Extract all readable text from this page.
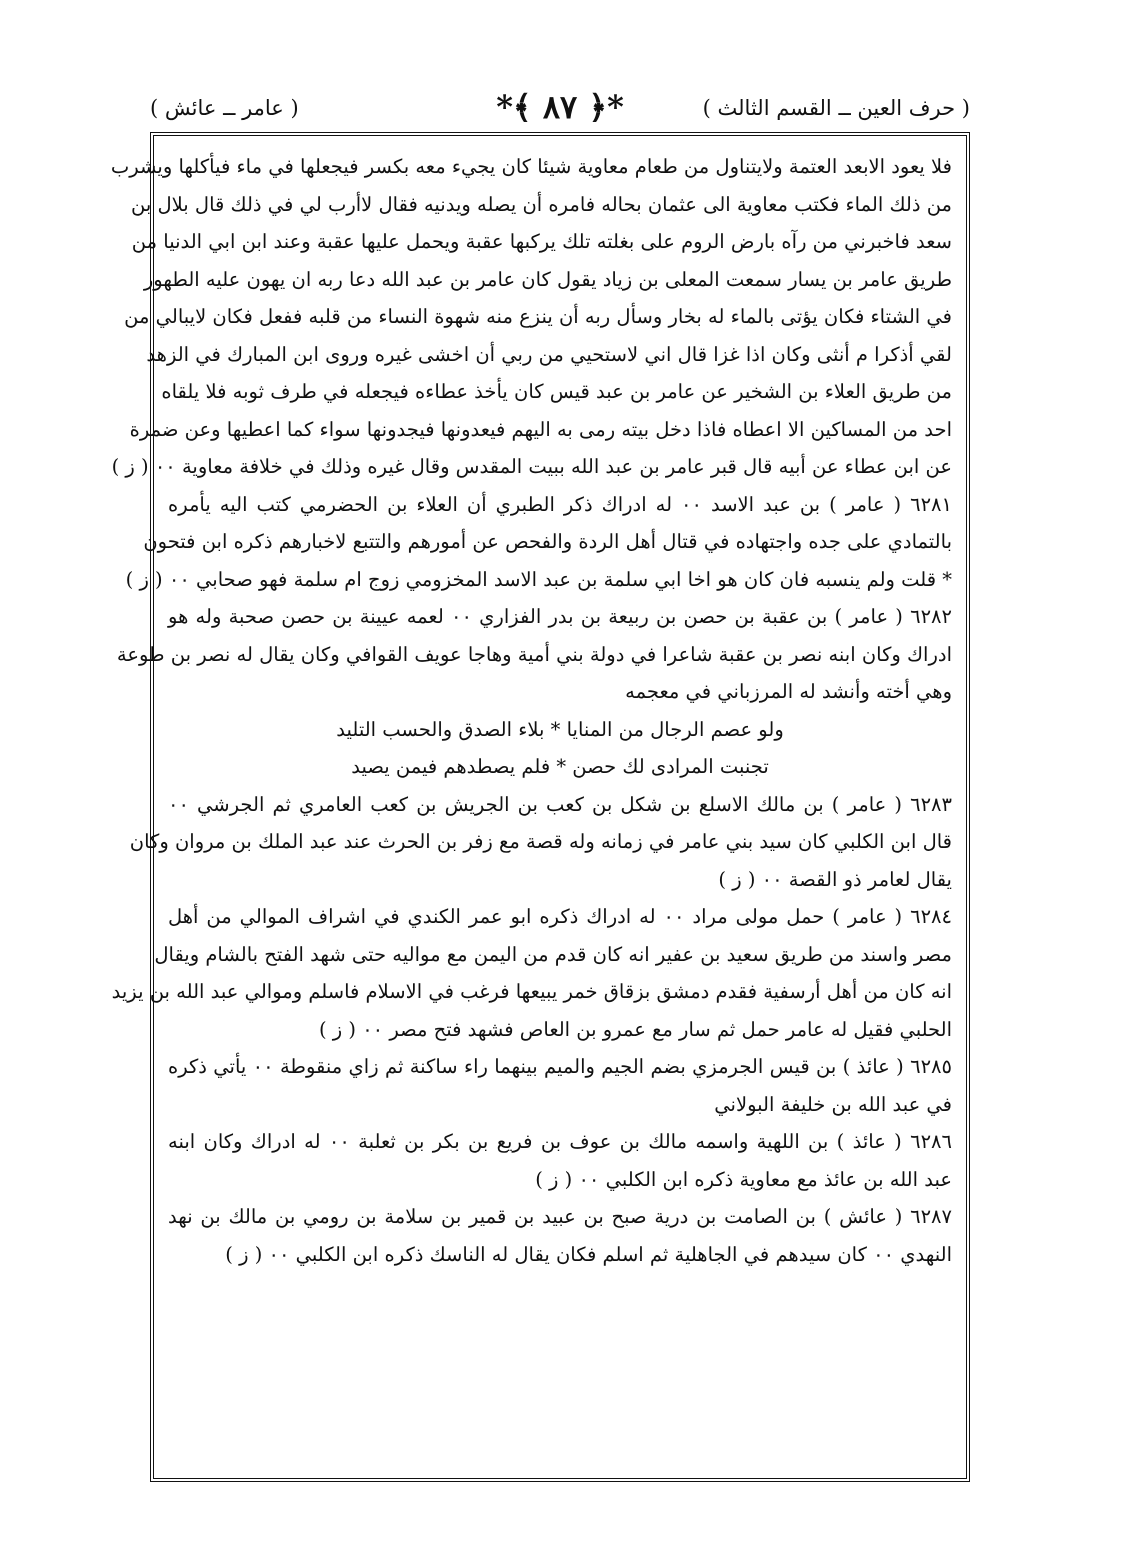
( حرف العين ــ القسم الثالث )
*﴿ ٨٧ ﴾*
( عامر ــ عائش )
فلا يعود الابعد العتمة ولايتناول من طعام معاوية شيئا كان يجيء معه بكسر فيجعلها في ماء فيأكلها ويشرب
من ذلك الماء فكتب معاوية الى عثمان بحاله فامره أن يصله ويدنيه فقال لاأرب لي في ذلك قال بلال بن
سعد فاخبرني من رآه بارض الروم على بغلته تلك يركبها عقبة ويحمل عليها عقبة وعند ابن ابي الدنيا من
طريق عامر بن يسار سمعت المعلى بن زياد يقول كان عامر بن عبد الله دعا ربه ان يهون عليه الطهور
في الشتاء فكان يؤتى بالماء له بخار وسأل ربه أن ينزع منه شهوة النساء من قلبه ففعل فكان لايبالي من
لقي أذكرا م أنثى وكان اذا غزا قال اني لاستحيي من ربي أن اخشى غيره وروى ابن المبارك في الزهد
من طريق العلاء بن الشخير عن عامر بن عبد قيس كان يأخذ عطاءه فيجعله في طرف ثوبه فلا يلقاه
احد من المساكين الا اعطاه فاذا دخل بيته رمى به اليهم فيعدونها فيجدونها سواء كما اعطيها وعن ضمرة
عن ابن عطاء عن أبيه قال قبر عامر بن عبد الله ببيت المقدس وقال غيره وذلك في خلافة معاوية ٠٠ ( ز )
٦٢٨١ ( عامر ) بن عبد الاسد ٠٠ له ادراك ذكر الطبري أن العلاء بن الحضرمي كتب اليه يأمره
بالتمادي على جده واجتهاده في قتال أهل الردة والفحص عن أمورهم والتتبع لاخبارهم ذكره ابن فتحون
* قلت ولم ينسبه فان كان هو اخا ابي سلمة بن عبد الاسد المخزومي زوج ام سلمة فهو صحابي ٠٠ ( ز )
٦٢٨٢ ( عامر ) بن عقبة بن حصن بن ربيعة بن بدر الفزاري ٠٠ لعمه عيينة بن حصن صحبة وله هو
ادراك وكان ابنه نصر بن عقبة شاعرا في دولة بني أمية وهاجا عويف القوافي وكان يقال له نصر بن طوعة
وهي أخته وأنشد له المرزباني في معجمه
ولو عصم الرجال من المنايا * بلاء الصدق والحسب التليد
تجنبت المرادى لك حصن * فلم يصطدهم فيمن يصيد
٦٢٨٣ ( عامر ) بن مالك الاسلع بن شكل بن كعب بن الجريش بن كعب العامري ثم الجرشي ٠٠
قال ابن الكلبي كان سيد بني عامر في زمانه وله قصة مع زفر بن الحرث عند عبد الملك بن مروان وكان
يقال لعامر ذو القصة ٠٠ ( ز )
٦٢٨٤ ( عامر ) حمل مولى مراد ٠٠ له ادراك ذكره ابو عمر الكندي في اشراف الموالي من أهل
مصر واسند من طريق سعيد بن عفير انه كان قدم من اليمن مع مواليه حتى شهد الفتح بالشام ويقال
انه كان من أهل أرسفية فقدم دمشق بزقاق خمر يبيعها فرغب في الاسلام فاسلم وموالي عبد الله بن يزيد
الحلبي فقيل له عامر حمل ثم سار مع عمرو بن العاص فشهد فتح مصر ٠٠ ( ز )
٦٢٨٥ ( عائذ ) بن قيس الجرمزي بضم الجيم والميم بينهما راء ساكنة ثم زاي منقوطة ٠٠ يأتي ذكره
في عبد الله بن خليفة البولاني
٦٢٨٦ ( عائذ ) بن اللهية واسمه مالك بن عوف بن فريع بن بكر بن ثعلبة ٠٠ له ادراك وكان ابنه
عبد الله بن عائذ مع معاوية ذكره ابن الكلبي ٠٠ ( ز )
٦٢٨٧ ( عائش ) بن الصامت بن درية صبح بن عبيد بن قمير بن سلامة بن رومي بن مالك بن نهد
النهدي ٠٠ كان سيدهم في الجاهلية ثم اسلم فكان يقال له الناسك ذكره ابن الكلبي ٠٠ ( ز )
